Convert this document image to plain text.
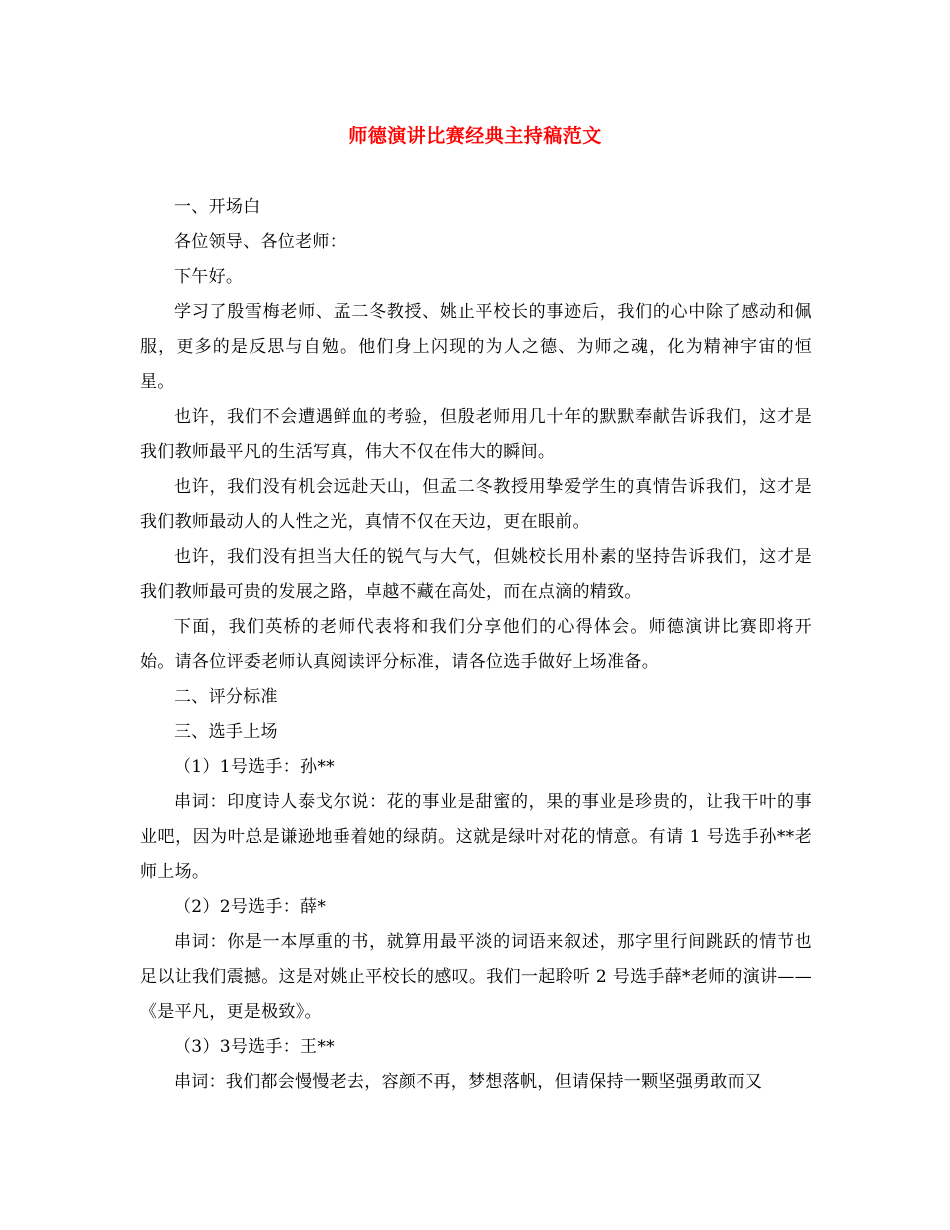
师德演讲比赛经典主持稿范文

一、开场白

各位领导、各位老师：

下午好。

学习了殷雪梅老师、孟二冬教授、姚止平校长的事迹后，我们的心中除了感动和佩服，更多的是反思与自勉。他们身上闪现的为人之德、为师之魂，化为精神宇宙的恒星。

也许，我们不会遭遇鲜血的考验，但殷老师用几十年的默默奉献告诉我们，这才是我们教师最平凡的生活写真，伟大不仅在伟大的瞬间。

也许，我们没有机会远赴天山，但孟二冬教授用挚爱学生的真情告诉我们，这才是我们教师最动人的人性之光，真情不仅在天边，更在眼前。

也许，我们没有担当大任的锐气与大气，但姚校长用朴素的坚持告诉我们，这才是我们教师最可贵的发展之路，卓越不藏在高处，而在点滴的精致。

下面，我们英桥的老师代表将和我们分享他们的心得体会。师德演讲比赛即将开始。请各位评委老师认真阅读评分标准，请各位选手做好上场准备。

二、评分标准

三、选手上场

（1）1号选手：孙**

串词：印度诗人泰戈尔说：花的事业是甜蜜的，果的事业是珍贵的，让我干叶的事业吧，因为叶总是谦逊地垂着她的绿荫。这就是绿叶对花的情意。有请 1 号选手孙**老师上场。

（2）2号选手：薛*

串词：你是一本厚重的书，就算用最平淡的词语来叙述，那字里行间跳跃的情节也足以让我们震撼。这是对姚止平校长的感叹。我们一起聆听 2 号选手薛*老师的演讲——《是平凡，更是极致》。

（3）3号选手：王**

串词：我们都会慢慢老去，容颜不再，梦想落帆，但请保持一颗坚强勇敢而又
